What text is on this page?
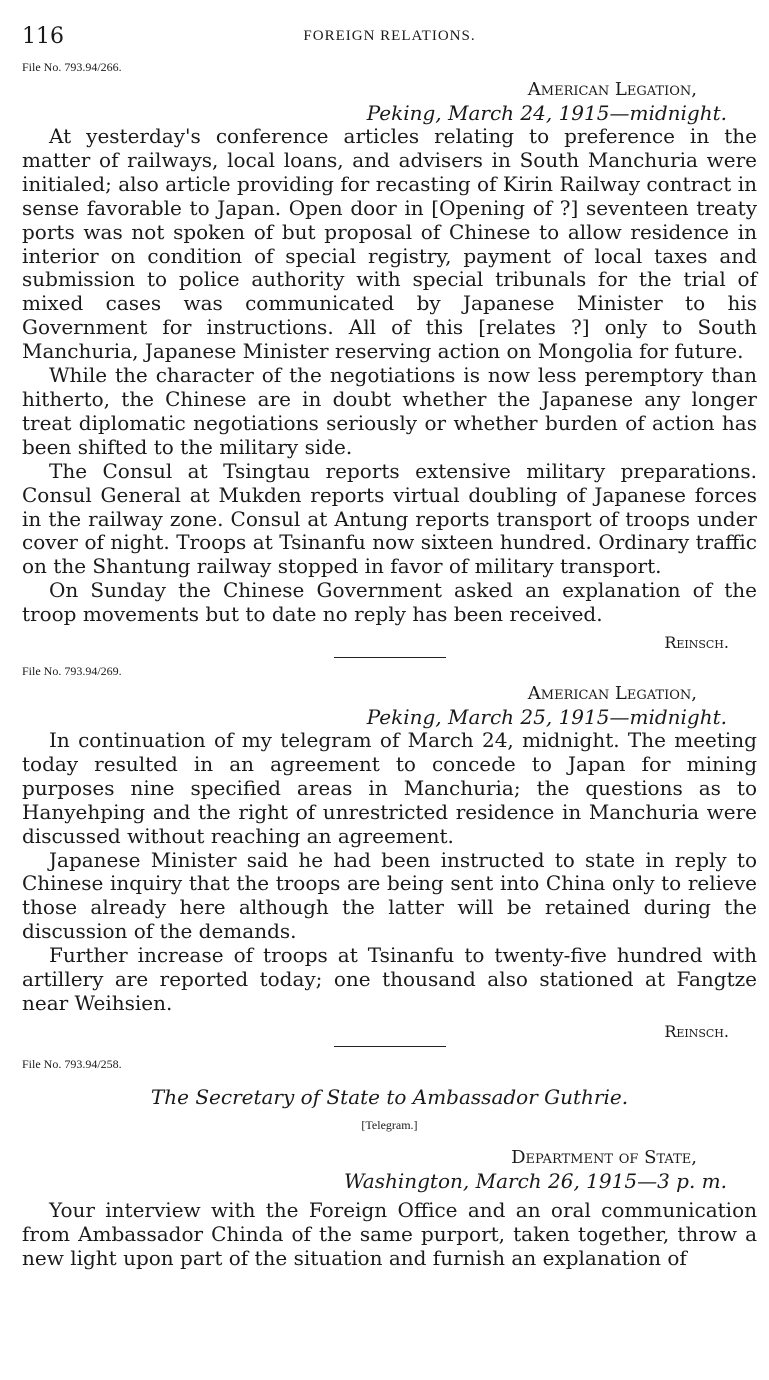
116	FOREIGN RELATIONS.

File No. 793.94/266.

American Legation,

Peking, March 24, 1915—midnight.

At yesterday's conference articles relating to preference in the matter of railways, local loans, and advisers in South Manchuria were initialed; also article providing for recasting of Kirin Railway contract in sense favorable to Japan. Open door in [Opening of ?] seventeen treaty ports was not spoken of but proposal of Chinese to allow residence in interior on condition of special registry, payment of local taxes and submission to police authority with special tribunals for the trial of mixed cases was communicated by Japanese Minister to his Government for instructions. All of this [relates ?] only to South Manchuria, Japanese Minister reserving action on Mongolia for future.

While the character of the negotiations is now less peremptory than hitherto, the Chinese are in doubt whether the Japanese any longer treat diplomatic negotiations seriously or whether burden of action has been shifted to the military side.

The Consul at Tsingtau reports extensive military preparations. Consul General at Mukden reports virtual doubling of Japanese forces in the railway zone. Consul at Antung reports transport of troops under cover of night. Troops at Tsinanfu now sixteen hundred. Ordinary traffic on the Shantung railway stopped in favor of military transport.

On Sunday the Chinese Government asked an explanation of the troop movements but to date no reply has been received.

Reinsch.

File No. 793.94/269.

American Legation,

Peking, March 25, 1915—midnight.

In continuation of my telegram of March 24, midnight. The meeting today resulted in an agreement to concede to Japan for mining purposes nine specified areas in Manchuria; the questions as to Hanyehping and the right of unrestricted residence in Manchuria were discussed without reaching an agreement.

Japanese Minister said he had been instructed to state in reply to Chinese inquiry that the troops are being sent into China only to relieve those already here although the latter will be retained during the discussion of the demands.

Further increase of troops at Tsinanfu to twenty-five hundred with artillery are reported today; one thousand also stationed at Fangtze near Weihsien.

Reinsch.

File No. 793.94/258.

The Secretary of State to Ambassador Guthrie.

[Telegram.]

Department of State,

Washington, March 26, 1915—3 p. m.

Your interview with the Foreign Office and an oral communication from Ambassador Chinda of the same purport, taken together, throw a new light upon part of the situation and furnish an explanation of
